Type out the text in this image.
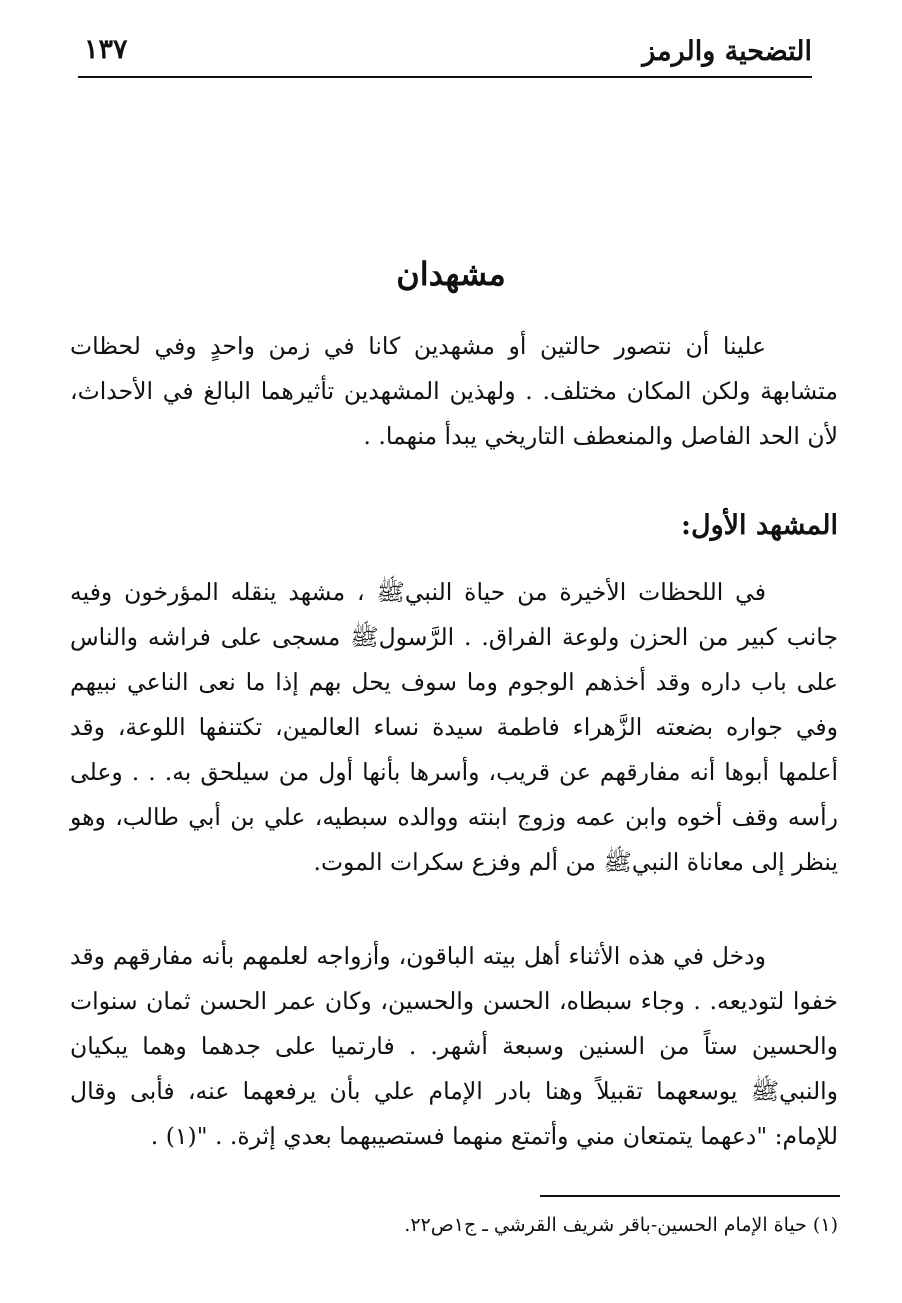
التضحية والرمز
١٣٧
مشهدان

علينا أن نتصور حالتين أو مشهدين كانا في زمن واحدٍ وفي لحظات متشابهة ولكن المكان مختلف. . ولهذين المشهدين تأثيرهما البالغ في الأحداث، لأن الحد الفاصل والمنعطف التاريخي يبدأ منهما. .

المشهد الأول:

في اللحظات الأخيرة من حياة النبيﷺ ، مشهد ينقله المؤرخون وفيه جانب كبير من الحزن ولوعة الفراق. . الرَّسولﷺ مسجى على فراشه والناس على باب داره وقد أخذهم الوجوم وما سوف يحل بهم إذا ما نعى الناعي نبيهم وفي جواره بضعته الزَّهراء فاطمة سيدة نساء العالمين، تكتنفها اللوعة، وقد أعلمها أبوها أنه مفارقهم عن قريب، وأسرها بأنها أول من سيلحق به. . . وعلى رأسه وقف أخوه وابن عمه وزوج ابنته ووالده سبطيه، علي بن أبي طالب، وهو ينظر إلى معاناة النبيﷺ من ألم وفزع سكرات الموت.

ودخل في هذه الأثناء أهل بيته الباقون، وأزواجه لعلمهم بأنه مفارقهم وقد خفوا لتوديعه. . وجاء سبطاه، الحسن والحسين، وكان عمر الحسن ثمان سنوات والحسين ستاً من السنين وسبعة أشهر. . فارتميا على جدهما وهما يبكيان والنبيﷺ يوسعهما تقبيلاً وهنا بادر الإمام علي بأن يرفعهما عنه، فأبى وقال للإمام: "دعهما يتمتعان مني وأتمتع منهما فستصيبهما بعدي إثرة. . "(١) .

(١) حياة الإمام الحسين-باقر شريف القرشي ـ ج١ص٢٢.
